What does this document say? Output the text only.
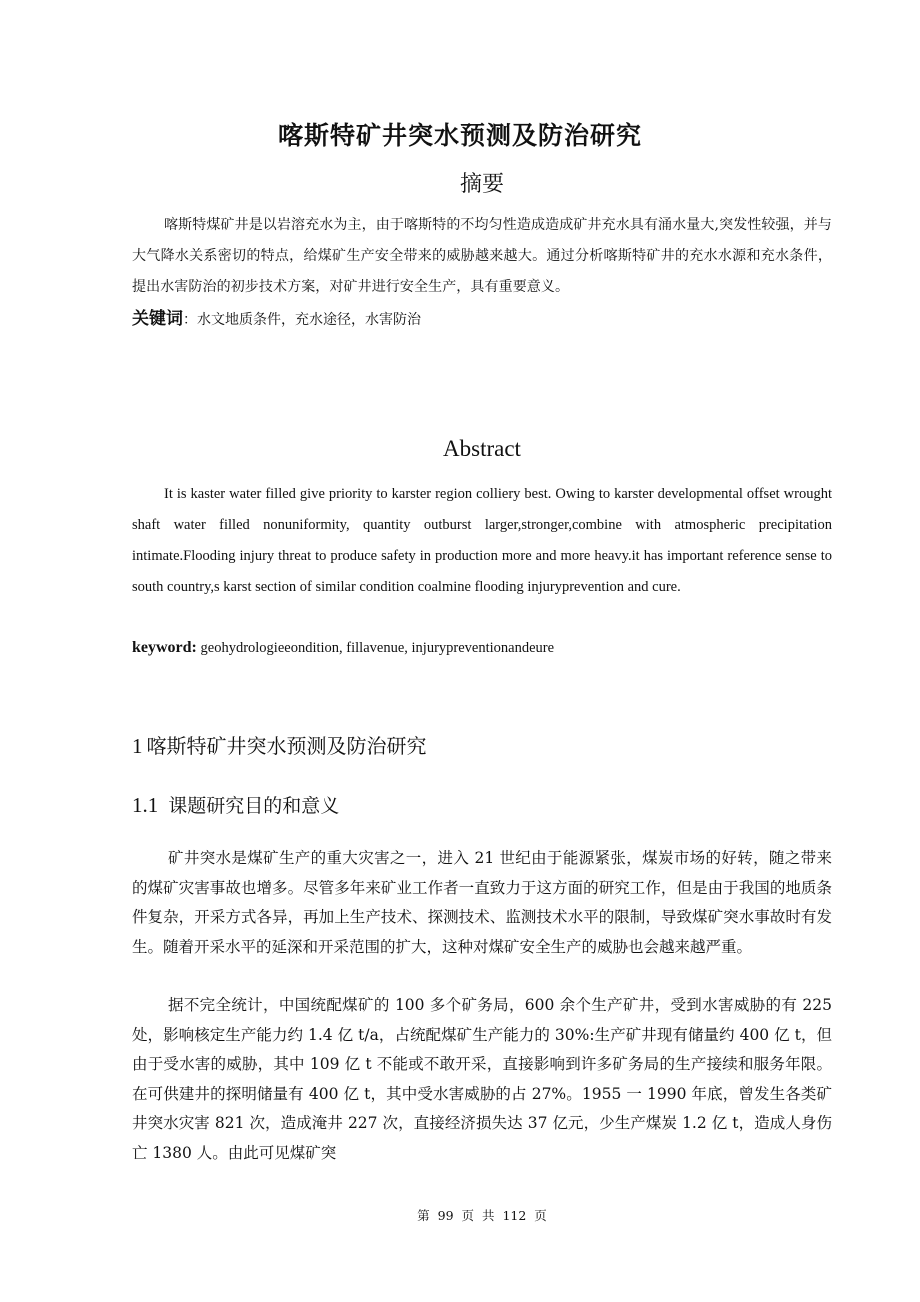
喀斯特矿井突水预测及防治研究
摘要
喀斯特煤矿井是以岩溶充水为主，由于喀斯特的不均匀性造成造成矿井充水具有涌水量大,突发性较强，并与大气降水关系密切的特点，给煤矿生产安全带来的威胁越来越大。通过分析喀斯特矿井的充水水源和充水条件，提出水害防治的初步技术方案，对矿井进行安全生产，具有重要意义。
关键词：水文地质条件，充水途径，水害防治
Abstract
It is kaster water filled give priority to karster region colliery best. Owing to karster developmental offset wrought shaft water filled nonuniformity, quantity outburst larger,stronger,combine with atmospheric precipitation intimate.Flooding injury threat to produce safety in production more and more heavy.it has important reference sense to south country,s karst section of similar condition coalmine flooding injuryprevention and cure.
keyword: geohydrologieeondition, fillavenue, injurypreventionandeure
1 喀斯特矿井突水预测及防治研究
1.1 课题研究目的和意义
矿井突水是煤矿生产的重大灾害之一，进入 21 世纪由于能源紧张，煤炭市场的好转，随之带来的煤矿灾害事故也增多。尽管多年来矿业工作者一直致力于这方面的研究工作，但是由于我国的地质条件复杂，开采方式各异，再加上生产技术、探测技术、监测技术水平的限制，导致煤矿突水事故时有发生。随着开采水平的延深和开采范围的扩大，这种对煤矿安全生产的威胁也会越来越严重。
据不完全统计，中国统配煤矿的 100 多个矿务局，600 余个生产矿井，受到水害威胁的有 225 处，影响核定生产能力约 1.4 亿 t/a，占统配煤矿生产能力的 30%:生产矿井现有储量约 400 亿 t，但由于受水害的威胁，其中 109 亿 t 不能或不敢开采，直接影响到许多矿务局的生产接续和服务年限。在可供建井的探明储量有 400 亿 t，其中受水害威胁的占 27%。1955 一 1990 年底，曾发生各类矿井突水灾害 821 次，造成淹井 227 次，直接经济损失达 37 亿元，少生产煤炭 1.2 亿 t，造成人身伤亡 1380 人。由此可见煤矿突
第 99 页 共 112 页
